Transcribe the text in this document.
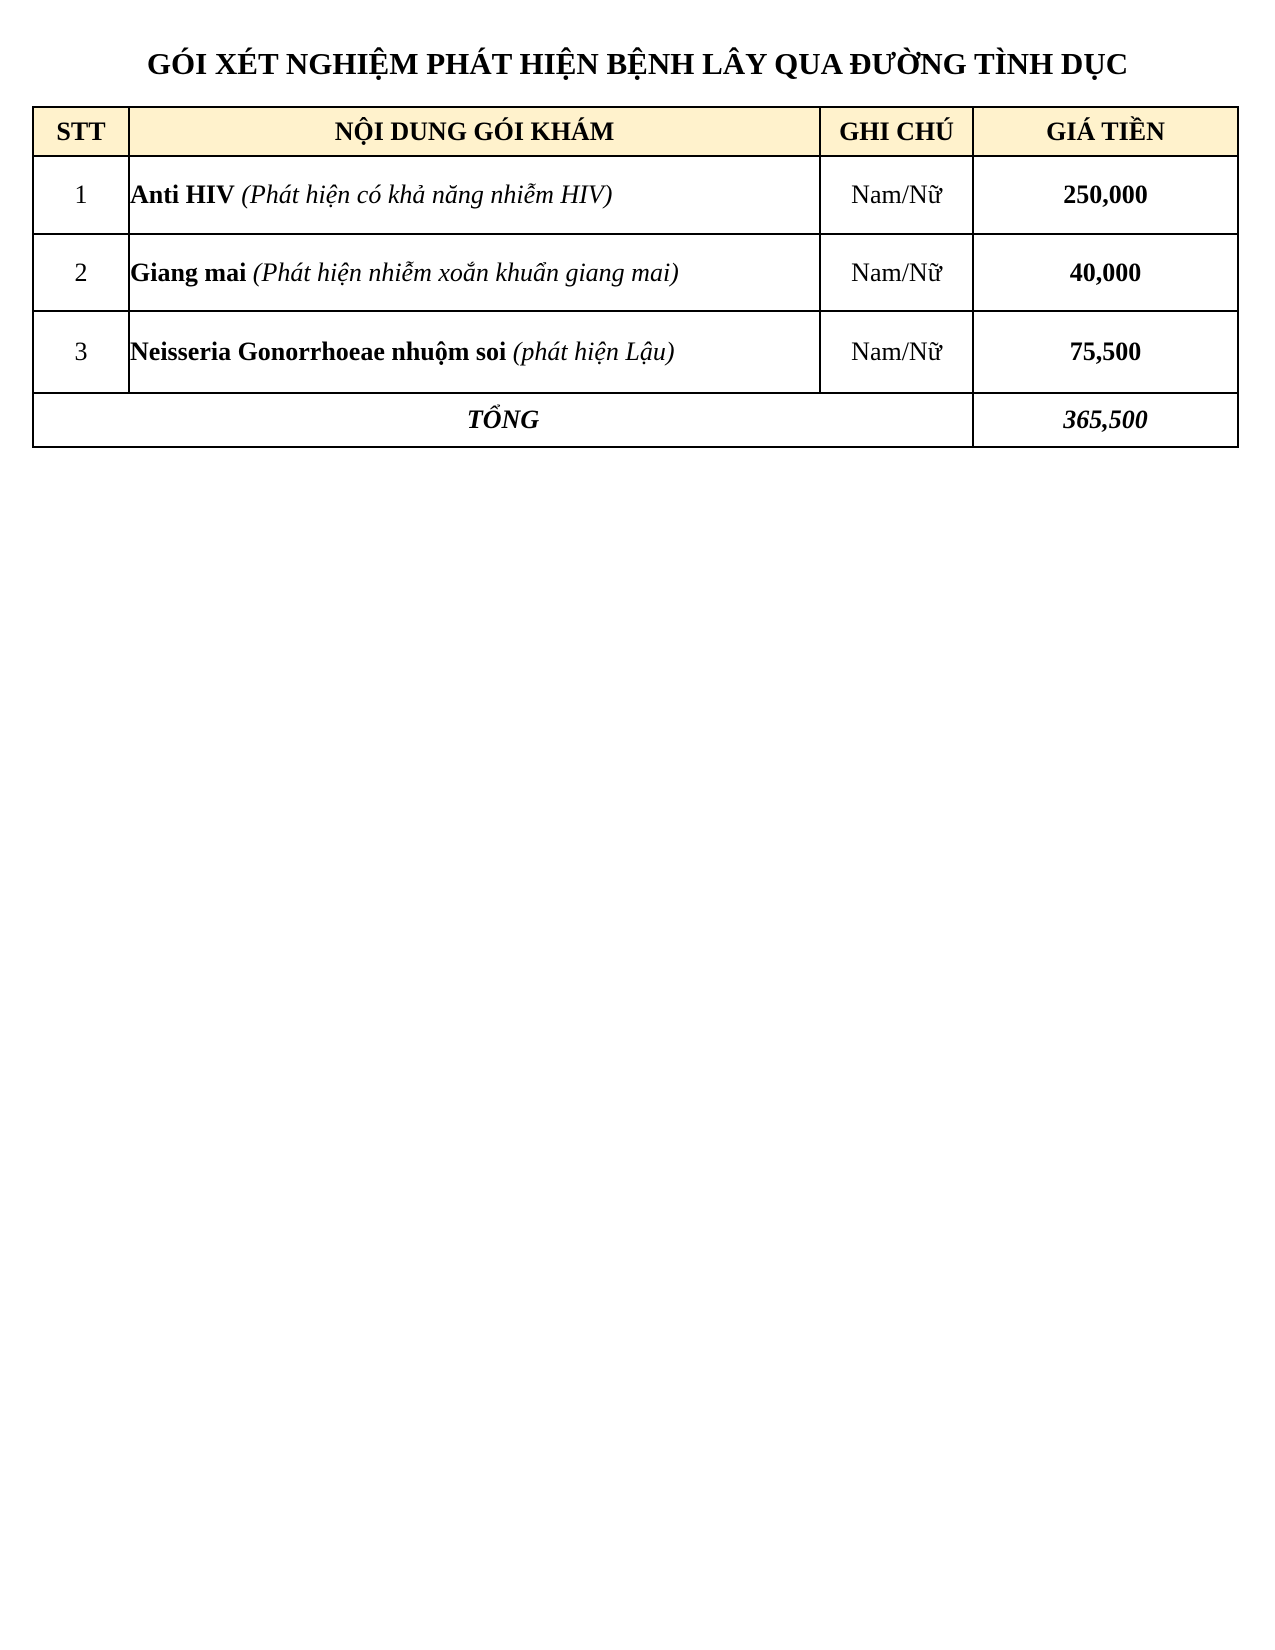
GÓI XÉT NGHIỆM PHÁT HIỆN BỆNH LÂY QUA ĐƯỜNG TÌNH DỤC
STT	NỘI DUNG GÓI KHÁM	GHI CHÚ	GIÁ TIỀN
1	Anti HIV (Phát hiện có khả năng nhiễm HIV)	Nam/Nữ	250,000
2	Giang mai (Phát hiện nhiễm xoắn khuẩn giang mai)	Nam/Nữ	40,000
3	Neisseria Gonorrhoeae nhuộm soi (phát hiện Lậu)	Nam/Nữ	75,500
TỔNG			365,500
